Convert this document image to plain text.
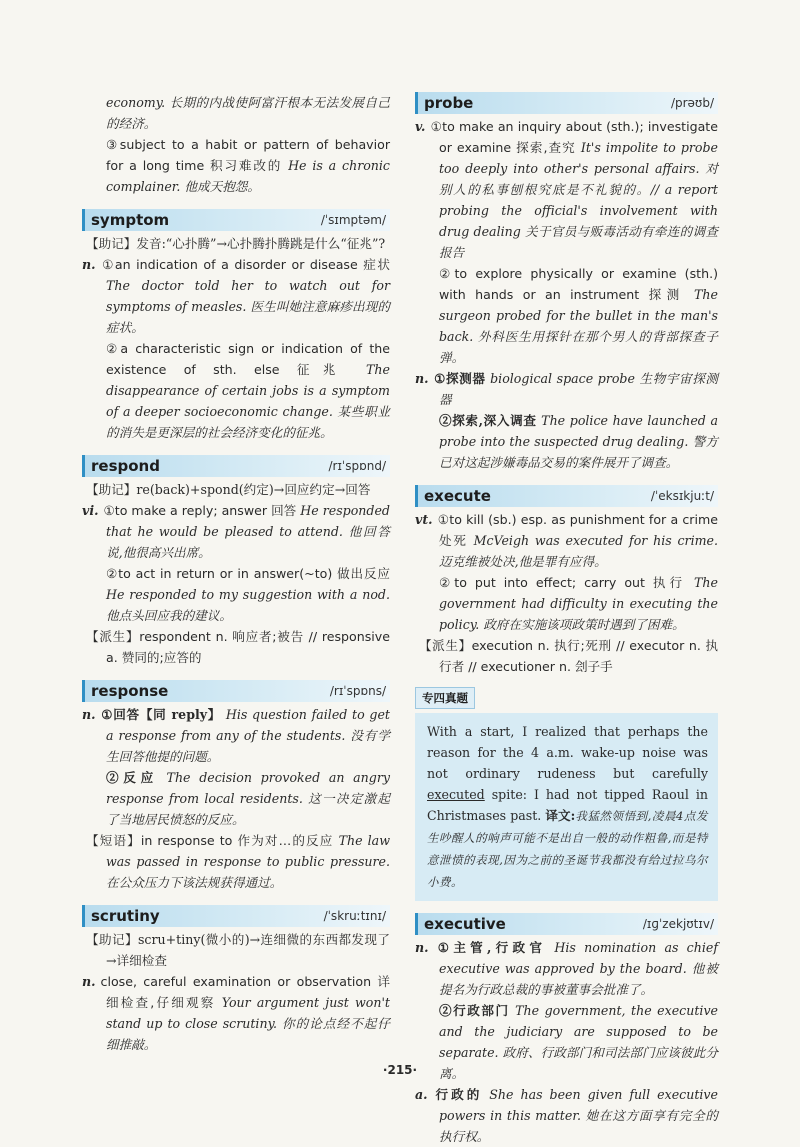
economy. 长期的内战使阿富汗根本无法发展自己的经济。

③subject to a habit or pattern of behavior for a long time 积习难改的 He is a chronic complainer. 他成天抱怨。

symptom	/ˈsɪmptəm/

【助记】发音:“心扑腾”→心扑腾扑腾跳是什么“征兆”?

n. ①an indication of a disorder or disease 症状 The doctor told her to watch out for symptoms of measles. 医生叫她注意麻疹出现的症状。

②a characteristic sign or indication of the existence of sth. else 征兆 The disappearance of certain jobs is a symptom of a deeper socioeconomic change. 某些职业的消失是更深层的社会经济变化的征兆。

respond	/rɪˈspɒnd/

【助记】re(back)+spond(约定)→回应约定→回答

vi. ①to make a reply; answer 回答 He responded that he would be pleased to attend. 他回答说,他很高兴出席。

②to act in return or in answer(~to) 做出反应 He responded to my suggestion with a nod. 他点头回应我的建议。

【派生】respondent n. 响应者;被告 // responsive a. 赞同的;应答的

response	/rɪˈspɒns/

n. ①回答【同 reply】 His question failed to get a response from any of the students. 没有学生回答他提的问题。

②反应 The decision provoked an angry response from local residents. 这一决定激起了当地居民愤怒的反应。

【短语】in response to 作为对…的反应 The law was passed in response to public pressure. 在公众压力下该法规获得通过。

scrutiny	/ˈskruːtɪnɪ/

【助记】scru+tiny(微小的)→连细微的东西都发现了→详细检查

n. close, careful examination or observation 详细检查,仔细观察 Your argument just won't stand up to close scrutiny. 你的论点经不起仔细推敲。

probe	/prəʊb/

v. ①to make an inquiry about (sth.); investigate or examine 探索,查究 It's impolite to probe too deeply into other's personal affairs. 对别人的私事刨根究底是不礼貌的。// a report probing the official's involvement with drug dealing 关于官员与贩毒活动有牵连的调查报告

②to explore physically or examine (sth.) with hands or an instrument 探测 The surgeon probed for the bullet in the man's back. 外科医生用探针在那个男人的背部探查子弹。

n. ①探测器 biological space probe 生物宇宙探测器

②探索,深入调查 The police have launched a probe into the suspected drug dealing. 警方已对这起涉嫌毒品交易的案件展开了调查。

execute	/ˈeksɪkjuːt/

vt. ①to kill (sb.) esp. as punishment for a crime 处死 McVeigh was executed for his crime. 迈克维被处决,他是罪有应得。

②to put into effect; carry out 执行 The government had difficulty in executing the policy. 政府在实施该项政策时遇到了困难。

【派生】execution n. 执行;死刑 // executor n. 执行者 // executioner n. 刽子手

专四真题
With a start, I realized that perhaps the reason for the 4 a.m. wake-up noise was not ordinary rudeness but carefully executed spite: I had not tipped Raoul in Christmases past. 译文:我猛然领悟到,凌晨4点发生吵醒人的响声可能不是出自一般的动作粗鲁,而是特意泄愤的表现,因为之前的圣诞节我都没有给过拉乌尔小费。
executive	/ɪɡˈzekjʊtɪv/

n. ①主管,行政官 His nomination as chief executive was approved by the board. 他被提名为行政总裁的事被董事会批准了。

②行政部门 The government, the executive and the judiciary are supposed to be separate. 政府、行政部门和司法部门应该彼此分离。

a. 行政的 She has been given full executive powers in this matter. 她在这方面享有完全的执行权。

·215·
